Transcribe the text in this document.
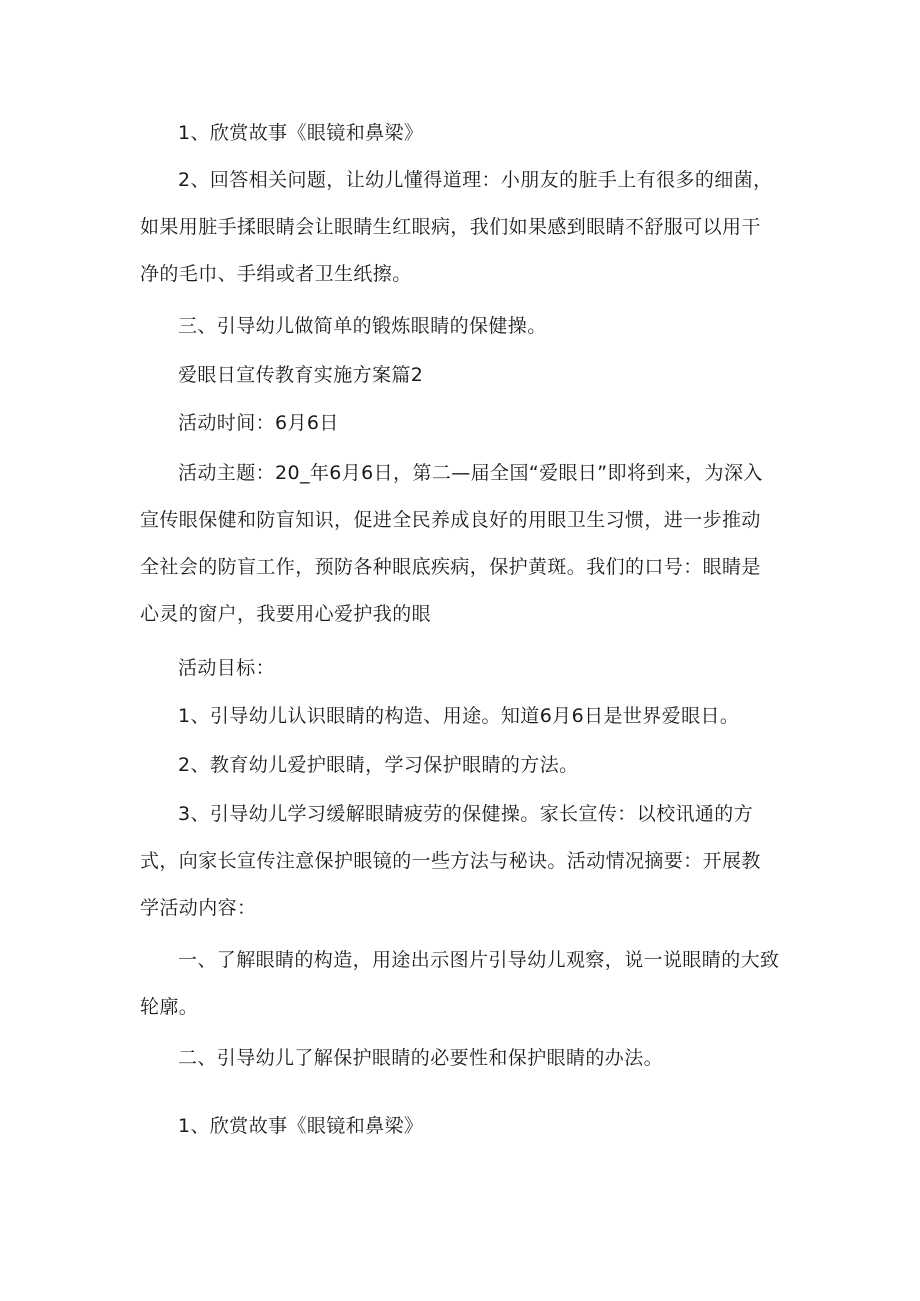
1、欣赏故事《眼镜和鼻梁》

2、回答相关问题，让幼儿懂得道理：小朋友的脏手上有很多的细菌，如果用脏手揉眼睛会让眼睛生红眼病，我们如果感到眼睛不舒服可以用干净的毛巾、手绢或者卫生纸擦。

三、引导幼儿做简单的锻炼眼睛的保健操。

爱眼日宣传教育实施方案篇2

活动时间：6月6日

活动主题：20_年6月6日，第二—届全国“爱眼日”即将到来，为深入宣传眼保健和防盲知识，促进全民养成良好的用眼卫生习惯，进一步推动全社会的防盲工作，预防各种眼底疾病，保护黄斑。我们的口号：眼睛是心灵的窗户，我要用心爱护我的眼

活动目标：

1、引导幼儿认识眼睛的构造、用途。知道6月6日是世界爱眼日。

2、教育幼儿爱护眼睛，学习保护眼睛的方法。

3、引导幼儿学习缓解眼睛疲劳的保健操。家长宣传：以校讯通的方式，向家长宣传注意保护眼镜的一些方法与秘诀。活动情况摘要：开展教学活动内容：

一、了解眼睛的构造，用途出示图片引导幼儿观察，说一说眼睛的大致轮廓。

二、引导幼儿了解保护眼睛的必要性和保护眼睛的办法。

1、欣赏故事《眼镜和鼻梁》
